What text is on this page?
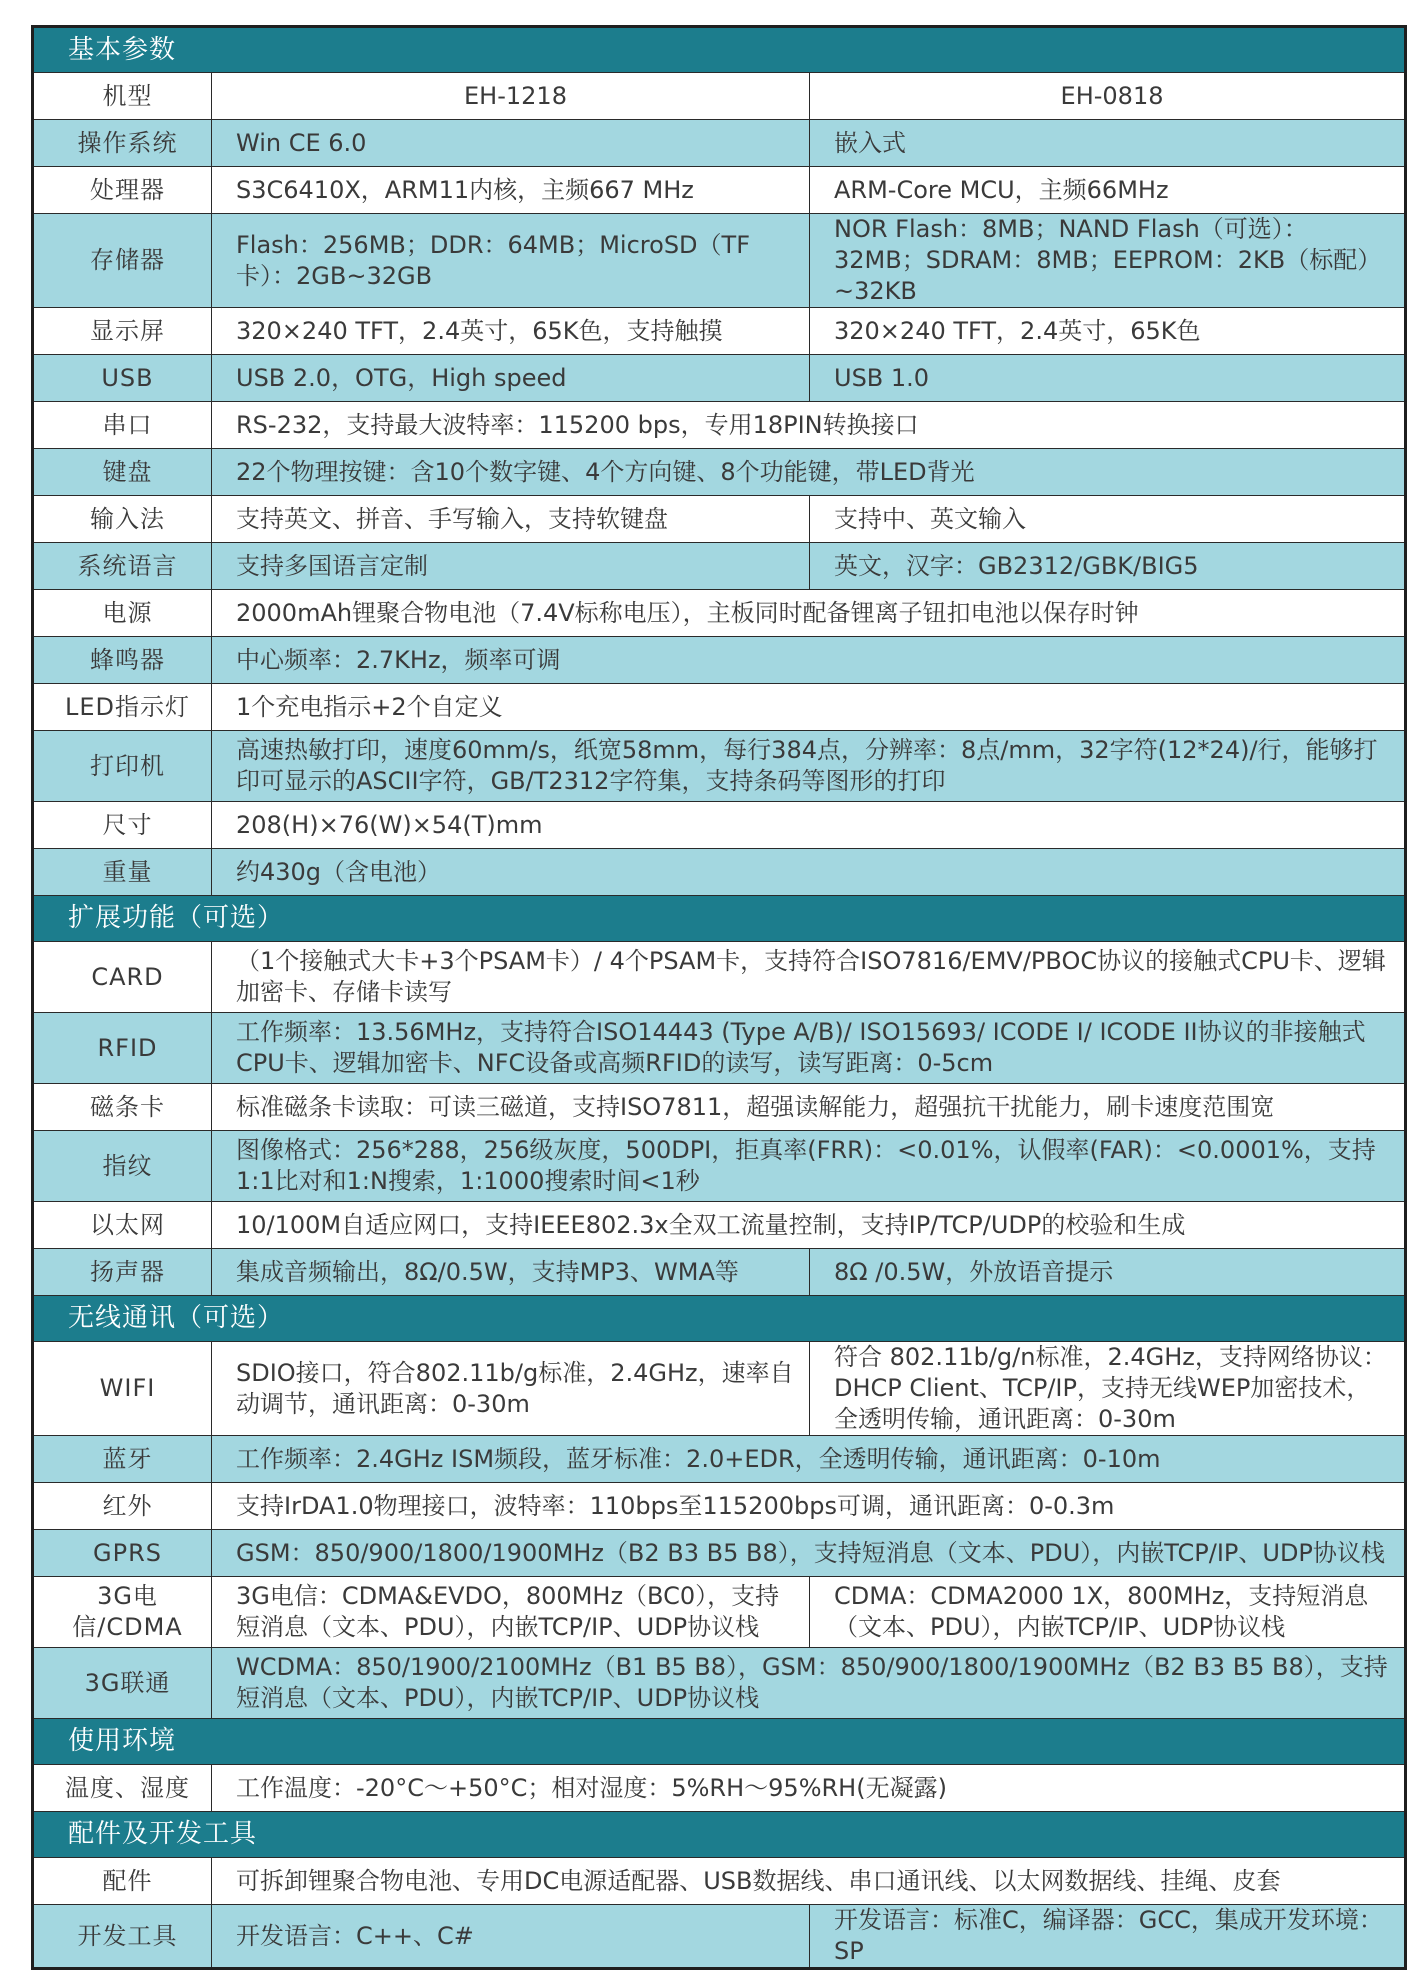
基本参数		
机型	EH-1218	EH-0818
操作系统	Win CE 6.0	嵌入式
处理器	S3C6410X，ARM11内核，主频667 MHz	ARM-Core MCU，主频66MHz
存储器	Flash：256MB；DDR：64MB；MicroSD（TF卡）：2GB~32GB	NOR Flash：8MB；NAND Flash（可选）：32MB；SDRAM：8MB；EEPROM：2KB（标配）~32KB
显示屏	320×240 TFT，2.4英寸，65K色，支持触摸	320×240 TFT，2.4英寸，65K色
USB	USB 2.0，OTG，High speed	USB 1.0
串口	RS-232，支持最大波特率：115200 bps，专用18PIN转换接口	
键盘	22个物理按键：含10个数字键、4个方向键、8个功能键，带LED背光	
输入法	支持英文、拼音、手写输入，支持软键盘	支持中、英文输入
系统语言	支持多国语言定制	英文，汉字：GB2312/GBK/BIG5
电源	2000mAh锂聚合物电池（7.4V标称电压），主板同时配备锂离子钮扣电池以保存时钟	
蜂鸣器	中心频率：2.7KHz，频率可调	
LED指示灯	1个充电指示+2个自定义	
打印机	高速热敏打印，速度60mm/s，纸宽58mm，每行384点，分辨率：8点/mm，32字符(12*24)/行，能够打印可显示的ASCII字符，GB/T2312字符集，支持条码等图形的打印	
尺寸	208(H)×76(W)×54(T)mm	
重量	约430g（含电池）	
扩展功能（可选）		
CARD	（1个接触式大卡+3个PSAM卡）/ 4个PSAM卡，支持符合ISO7816/EMV/PBOC协议的接触式CPU卡、逻辑加密卡、存储卡读写	
RFID	工作频率：13.56MHz，支持符合ISO14443 (Type A/B)/ ISO15693/ ICODE I/ ICODE II协议的非接触式CPU卡、逻辑加密卡、NFC设备或高频RFID的读写，读写距离：0-5cm	
磁条卡	标准磁条卡读取：可读三磁道，支持ISO7811，超强读解能力，超强抗干扰能力，刷卡速度范围宽	
指纹	图像格式：256*288，256级灰度，500DPI，拒真率(FRR)：<0.01%，认假率(FAR)：<0.0001%，支持1:1比对和1:N搜索，1:1000搜索时间<1秒	
以太网	10/100M自适应网口，支持IEEE802.3x全双工流量控制，支持IP/TCP/UDP的校验和生成	
扬声器	集成音频输出，8Ω/0.5W，支持MP3、WMA等	8Ω /0.5W，外放语音提示
无线通讯（可选）		
WIFI	SDIO接口，符合802.11b/g标准，2.4GHz，速率自动调节，通讯距离：0-30m	符合 802.11b/g/n标准，2.4GHz，支持网络协议：DHCP Client、TCP/IP，支持无线WEP加密技术，全透明传输，通讯距离：0-30m
蓝牙	工作频率：2.4GHz ISM频段，蓝牙标准：2.0+EDR，全透明传输，通讯距离：0-10m	
红外	支持IrDA1.0物理接口，波特率：110bps至115200bps可调，通讯距离：0-0.3m	
GPRS	GSM：850/900/1800/1900MHz（B2 B3 B5 B8），支持短消息（文本、PDU），内嵌TCP/IP、UDP协议栈	
3G电信/CDMA	3G电信：CDMA&EVDO，800MHz（BC0），支持短消息（文本、PDU），内嵌TCP/IP、UDP协议栈	CDMA：CDMA2000 1X，800MHz，支持短消息（文本、PDU），内嵌TCP/IP、UDP协议栈
3G联通	WCDMA：850/1900/2100MHz（B1 B5 B8），GSM：850/900/1800/1900MHz（B2 B3 B5 B8），支持短消息（文本、PDU），内嵌TCP/IP、UDP协议栈	
使用环境		
温度、湿度	工作温度：-20°C～+50°C；相对湿度：5%RH～95%RH(无凝露)	
配件及开发工具		
配件	可拆卸锂聚合物电池、专用DC电源适配器、USB数据线、串口通讯线、以太网数据线、挂绳、皮套	
开发工具	开发语言：C++、C#	开发语言：标准C，编译器：GCC，集成开发环境：SP
